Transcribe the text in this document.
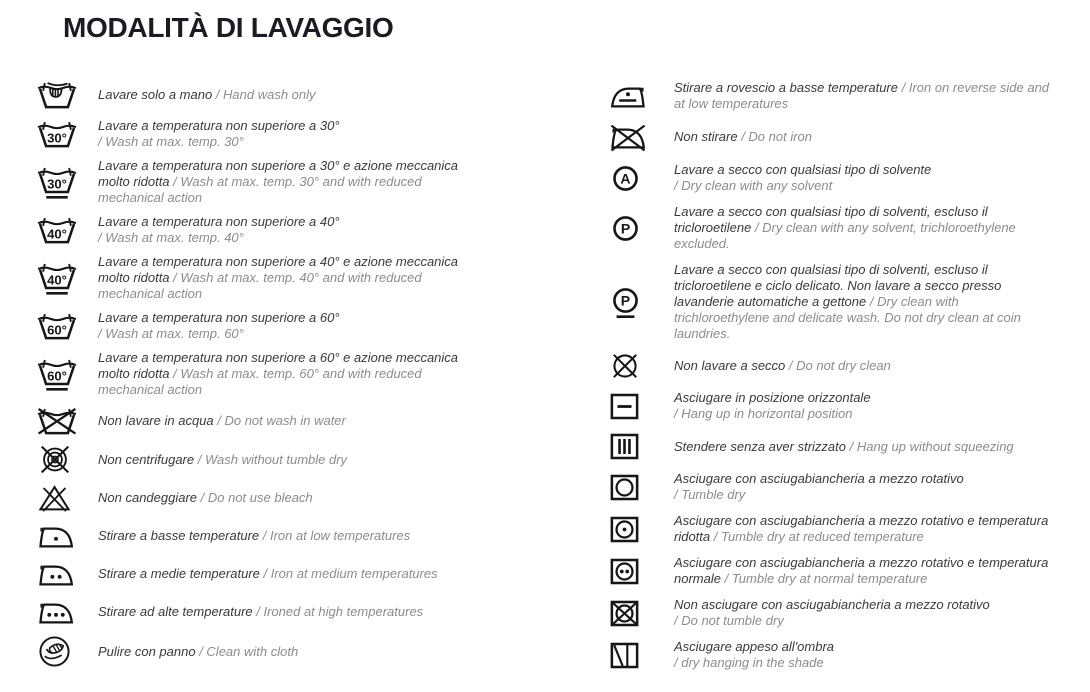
MODALITÀ DI LAVAGGIO

Lavare solo a mano / Hand wash only

30°

Lavare a temperatura non superiore a 30°
/ Wash at max. temp. 30°

30°

Lavare a temperatura non superiore a 30° e azione meccanica molto ridotta / Wash at max. temp. 30° and with reduced mechanical action

40°

Lavare a temperatura non superiore a 40°
/ Wash at max. temp. 40°

40°

Lavare a temperatura non superiore a 40° e azione meccanica molto ridotta / Wash at max. temp. 40° and with reduced mechanical action

60°

Lavare a temperatura non superiore a 60°
/ Wash at max. temp. 60°

60°

Lavare a temperatura non superiore a 60° e azione meccanica molto ridotta / Wash at max. temp. 60° and with reduced mechanical action

Non lavare in acqua / Do not wash in water

Non centrifugare / Wash without tumble dry

Non candeggiare / Do not use bleach

Stirare a basse temperature / Iron at low temperatures

Stirare a medie temperature / Iron at medium temperatures

Stirare ad alte temperature / Ironed at high temperatures

Pulire con panno / Clean with cloth

Stirare a rovescio a basse temperature / Iron on reverse side and at low temperatures

Non stirare / Do not iron

A

Lavare a secco con qualsiasi tipo di solvente
/ Dry clean with any solvent

P

Lavare a secco con qualsiasi tipo di solventi, escluso il tricloroetilene / Dry clean with any solvent, trichloroethylene excluded.

P

Lavare a secco con qualsiasi tipo di solventi, escluso il tricloroetilene e ciclo delicato. Non lavare a secco presso lavanderie automatiche a gettone / Dry clean with trichloroethylene and delicate wash. Do not dry clean at coin laundries.

Non lavare a secco / Do not dry clean

Asciugare in posizione orizzontale
/ Hang up in horizontal position

Stendere senza aver strizzato / Hang up without squeezing

Asciugare con asciugabiancheria a mezzo rotativo
/ Tumble dry

Asciugare con asciugabiancheria a mezzo rotativo e temperatura ridotta / Tumble dry at reduced temperature

Asciugare con asciugabiancheria a mezzo rotativo e temperatura normale / Tumble dry at normal temperature

Non asciugare con asciugabiancheria a mezzo rotativo
/ Do not tumble dry

Asciugare appeso all'ombra
/ dry hanging in the shade
